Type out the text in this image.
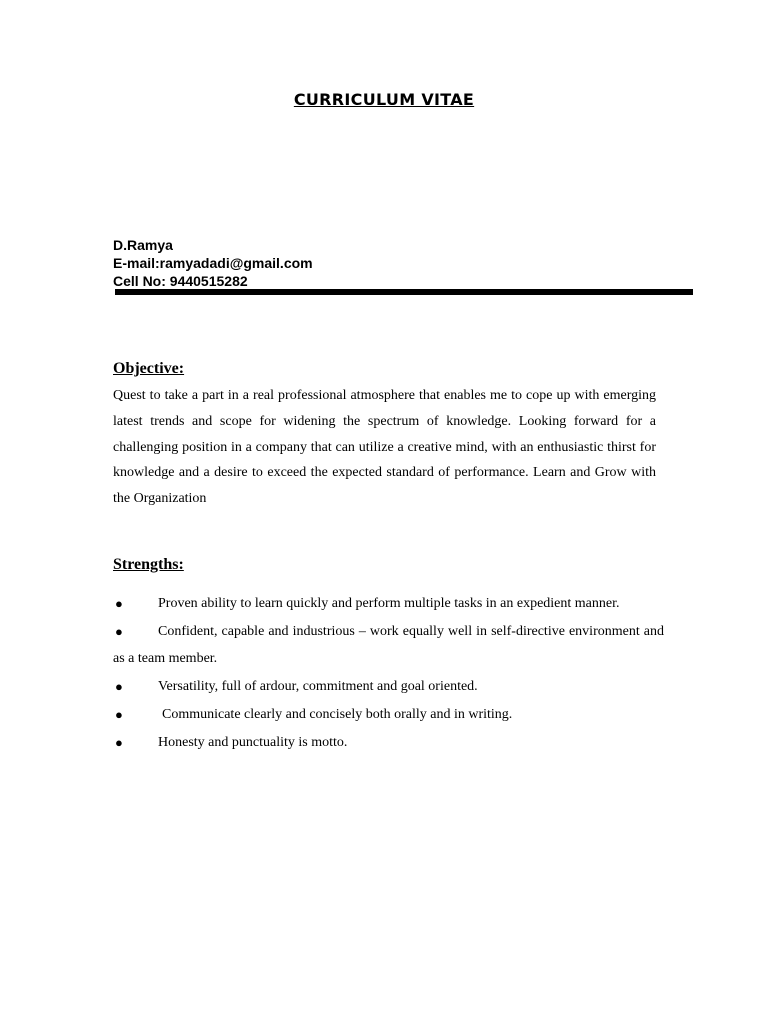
CURRICULUM VITAE
D.Ramya
E-mail:ramyadadi@gmail.com
Cell No: 9440515282
Objective:
Quest to take a part in a real professional atmosphere that enables me to cope up with emerging latest trends and scope for widening the spectrum of knowledge. Looking forward for a challenging position in a company that can utilize a creative mind, with an enthusiastic thirst for knowledge and a desire to exceed the expected standard of performance. Learn and Grow with the Organization
Strengths:
●	Proven ability to learn quickly and perform multiple tasks in an expedient manner.
●	Confident, capable and industrious – work equally well in self-directive environment and as a team member.
●	Versatility, full of ardour, commitment and goal oriented.
●	Communicate clearly and concisely both orally and in writing.
●	Honesty and punctuality is motto.
